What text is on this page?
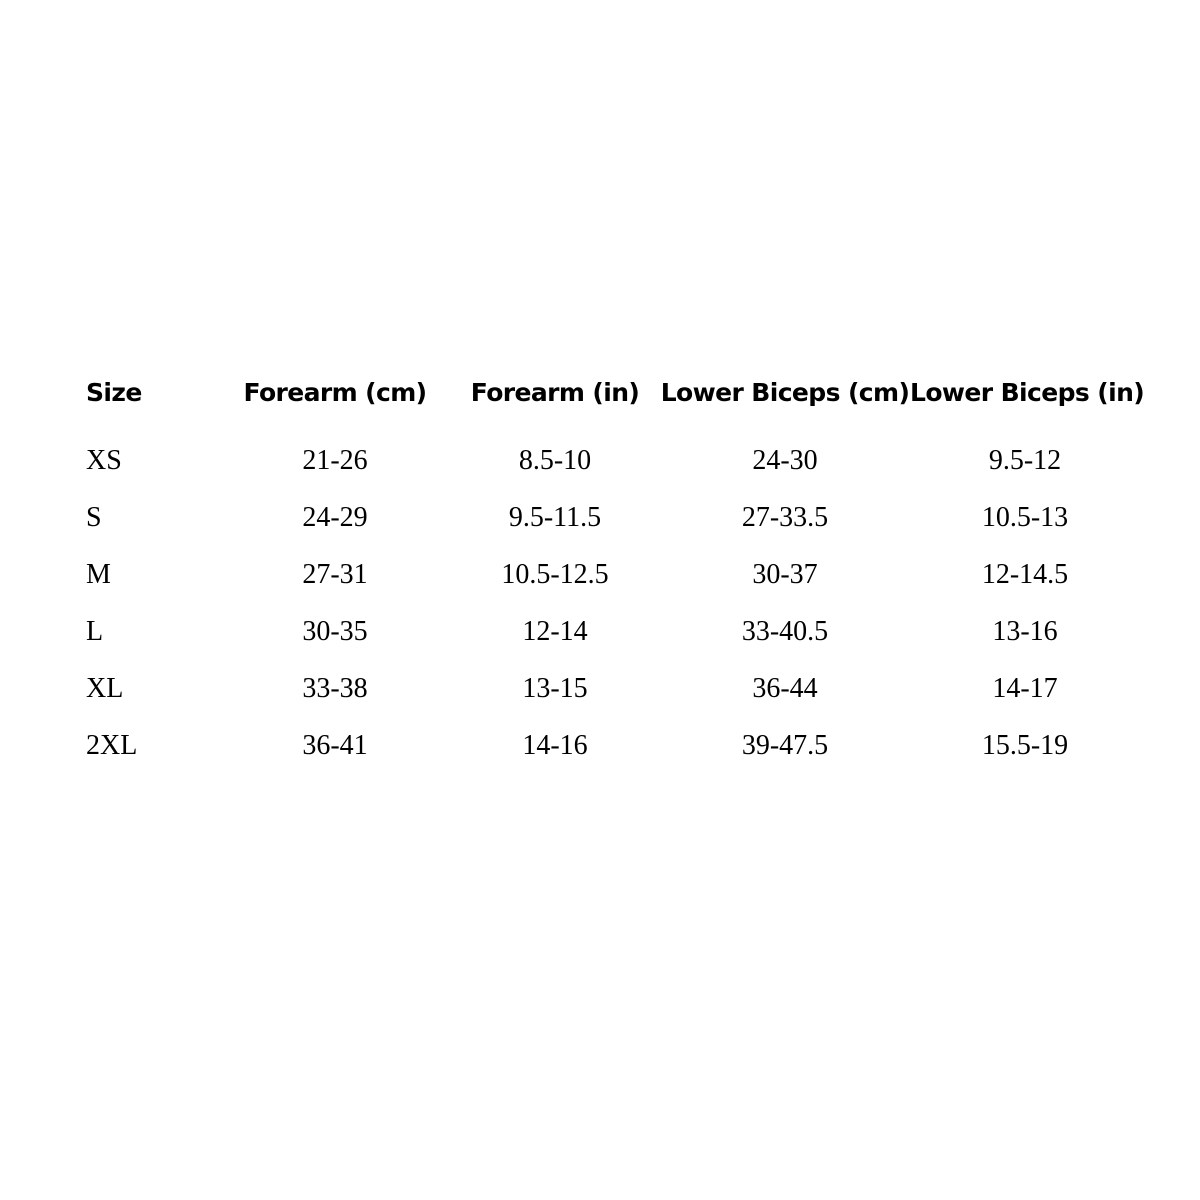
Size	Forearm (cm)	Forearm (in)	Lower Biceps (cm)	Lower Biceps (in)
XS	21-26	8.5-10	24-30	9.5-12
S	24-29	9.5-11.5	27-33.5	10.5-13
M	27-31	10.5-12.5	30-37	12-14.5
L	30-35	12-14	33-40.5	13-16
XL	33-38	13-15	36-44	14-17
2XL	36-41	14-16	39-47.5	15.5-19
